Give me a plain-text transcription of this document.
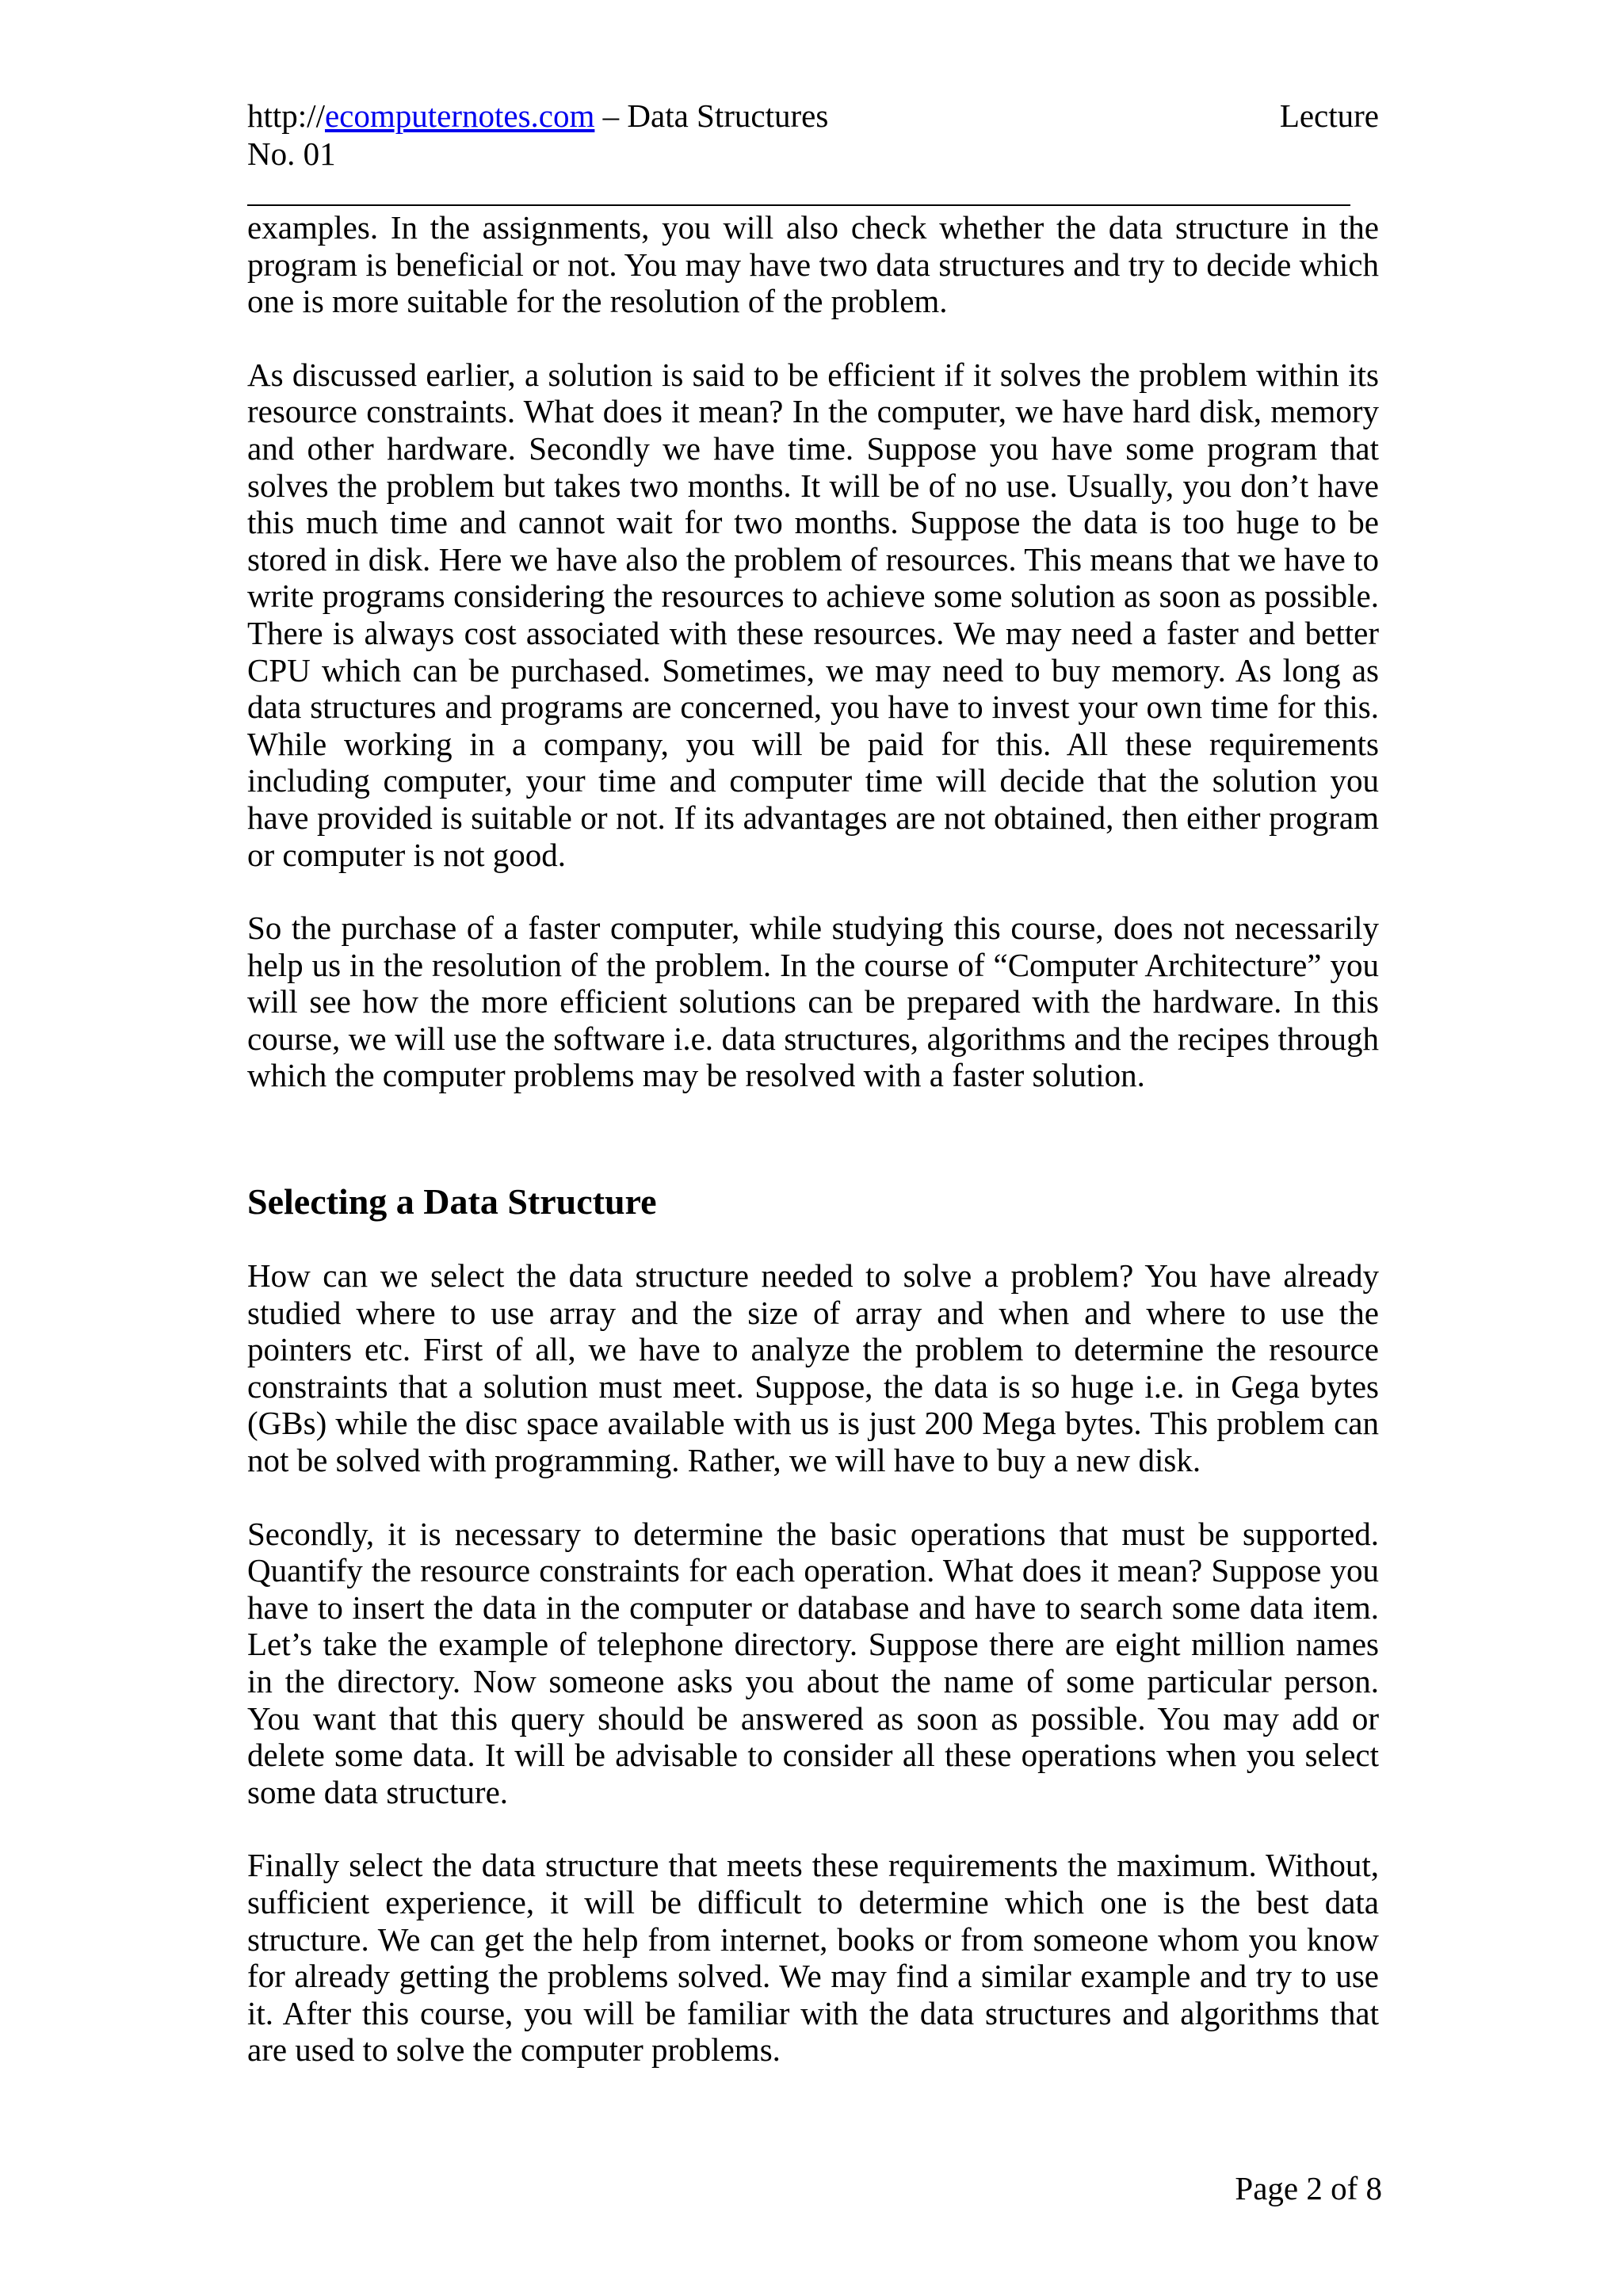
http://ecomputernotes.com – Data Structures	Lecture
No. 01

examples. In the assignments, you will also check whether the data structure in the program is beneficial or not. You may have two data structures and try to decide which one is more suitable for the resolution of the problem.

As discussed earlier, a solution is said to be efficient if it solves the problem within its resource constraints. What does it mean? In the computer, we have hard disk, memory and other hardware. Secondly we have time. Suppose you have some program that solves the problem but takes two months. It will be of no use. Usually, you don’t have this much time and cannot wait for two months. Suppose the data is too huge to be stored in disk. Here we have also the problem of resources. This means that we have to write programs considering the resources to achieve some solution as soon as possible. There is always cost associated with these resources. We may need a faster and better CPU which can be purchased. Sometimes, we may need to buy memory. As long as data structures and programs are concerned, you have to invest your own time for this. While working in a company, you will be paid for this. All these requirements including computer, your time and computer time will decide that the solution you have provided is suitable or not. If its advantages are not obtained, then either program or computer is not good.

So the purchase of a faster computer, while studying this course, does not necessarily help us in the resolution of the problem. In the course of “Computer Architecture” you will see how the more efficient solutions can be prepared with the hardware. In this course, we will use the software i.e. data structures, algorithms and the recipes through which the computer problems may be resolved with a faster solution.

Selecting a Data Structure

How can we select the data structure needed to solve a problem? You have already studied where to use array and the size of array and when and where to use the pointers etc. First of all, we have to analyze the problem to determine the resource constraints that a solution must meet. Suppose, the data is so huge i.e. in Gega bytes (GBs) while the disc space available with us is just 200 Mega bytes. This problem can not be solved with programming. Rather, we will have to buy a new disk.

Secondly, it is necessary to determine the basic operations that must be supported. Quantify the resource constraints for each operation. What does it mean? Suppose you have to insert the data in the computer or database and have to search some data item. Let’s take the example of telephone directory. Suppose there are eight million names in the directory. Now someone asks you about the name of some particular person. You want that this query should be answered as soon as possible. You may add or delete some data. It will be advisable to consider all these operations when you select some data structure.

Finally select the data structure that meets these requirements the maximum. Without, sufficient experience, it will be difficult to determine which one is the best data structure. We can get the help from internet, books or from someone whom you know for already getting the problems solved. We may find a similar example and try to use it. After this course, you will be familiar with the data structures and algorithms that are used to solve the computer problems.

Page 2 of 8
